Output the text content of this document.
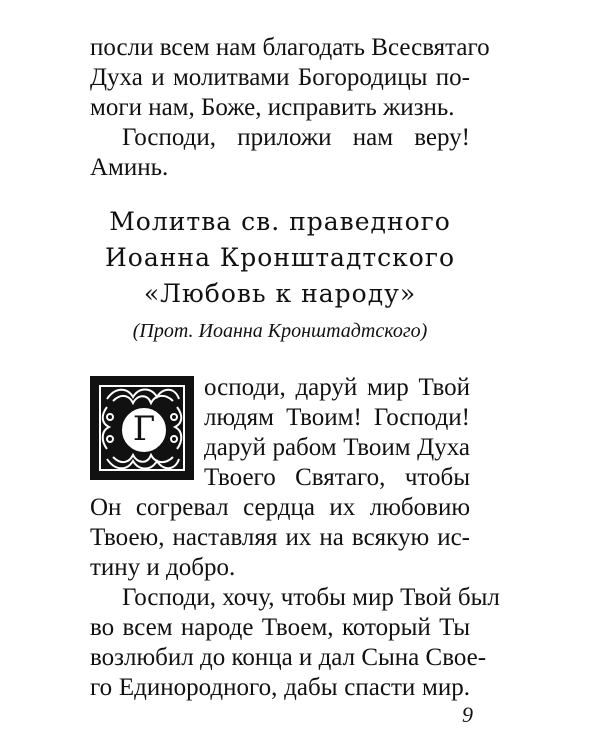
посли всем нам благодать Всесвятаго
Духа и молитвами Богородицы по-
моги нам, Боже, исправить жизнь.
Господи, приложи нам веру!
Аминь.
Молитва св. праведного
Иоанна Кронштадтского
«Любовь к народу»
(Прот. Иоанна Кронштадтского)
Г
осподи, даруй мир Твой
людям Твоим! Господи!
даруй рабом Твоим Духа
Твоего Святаго, чтобы
Он согревал сердца их любовию
Твоею, наставляя их на всякую ис-
тину и добро.
Господи, хочу, чтобы мир Твой был
во всем народе Твоем, который Ты
возлюбил до конца и дал Сына Свое-
го Единородного, дабы спасти мир.
9
